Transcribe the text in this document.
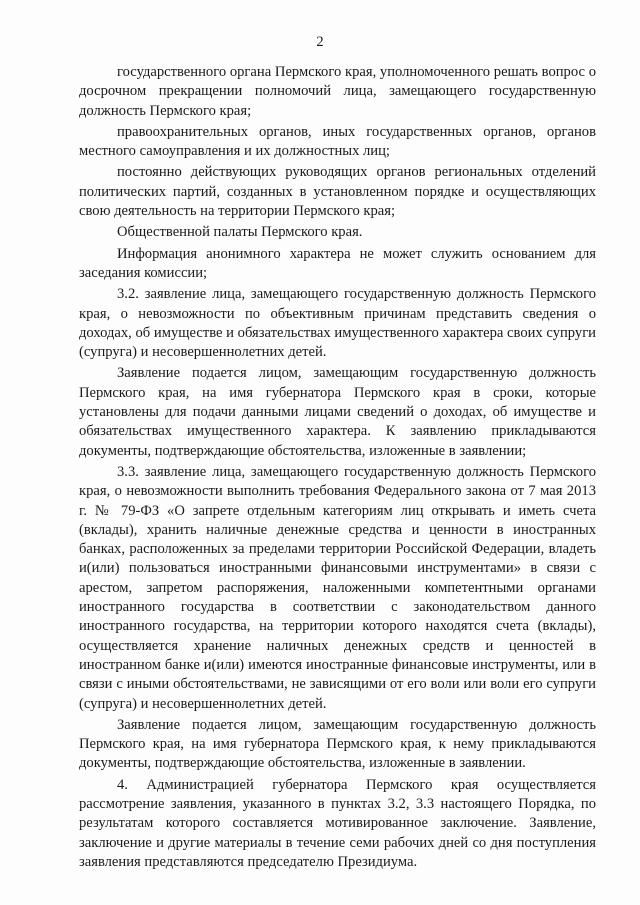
2

государственного органа Пермского края, уполномоченного решать вопрос о досрочном прекращении полномочий лица, замещающего государственную должность Пермского края;

правоохранительных органов, иных государственных органов, органов местного самоуправления и их должностных лиц;

постоянно действующих руководящих органов региональных отделений политических партий, созданных в установленном порядке и осуществляющих свою деятельность на территории Пермского края;

Общественной палаты Пермского края.

Информация анонимного характера не может служить основанием для заседания комиссии;

3.2. заявление лица, замещающего государственную должность Пермского края, о невозможности по объективным причинам представить сведения о доходах, об имуществе и обязательствах имущественного характера своих супруги (супруга) и несовершеннолетних детей.

Заявление подается лицом, замещающим государственную должность Пермского края, на имя губернатора Пермского края в сроки, которые установлены для подачи данными лицами сведений о доходах, об имуществе и обязательствах имущественного характера. К заявлению прикладываются документы, подтверждающие обстоятельства, изложенные в заявлении;

3.3. заявление лица, замещающего государственную должность Пермского края, о невозможности выполнить требования Федерального закона от 7 мая 2013 г. № 79-ФЗ «О запрете отдельным категориям лиц открывать и иметь счета (вклады), хранить наличные денежные средства и ценности в иностранных банках, расположенных за пределами территории Российской Федерации, владеть и(или) пользоваться иностранными финансовыми инструментами» в связи с арестом, запретом распоряжения, наложенными компетентными органами иностранного государства в соответствии с законодательством данного иностранного государства, на территории которого находятся счета (вклады), осуществляется хранение наличных денежных средств и ценностей в иностранном банке и(или) имеются иностранные финансовые инструменты, или в связи с иными обстоятельствами, не зависящими от его воли или воли его супруги (супруга) и несовершеннолетних детей.

Заявление подается лицом, замещающим государственную должность Пермского края, на имя губернатора Пермского края, к нему прикладываются документы, подтверждающие обстоятельства, изложенные в заявлении.

4. Администрацией губернатора Пермского края осуществляется рассмотрение заявления, указанного в пунктах 3.2, 3.3 настоящего Порядка, по результатам которого составляется мотивированное заключение. Заявление, заключение и другие материалы в течение семи рабочих дней со дня поступления заявления представляются председателю Президиума.
